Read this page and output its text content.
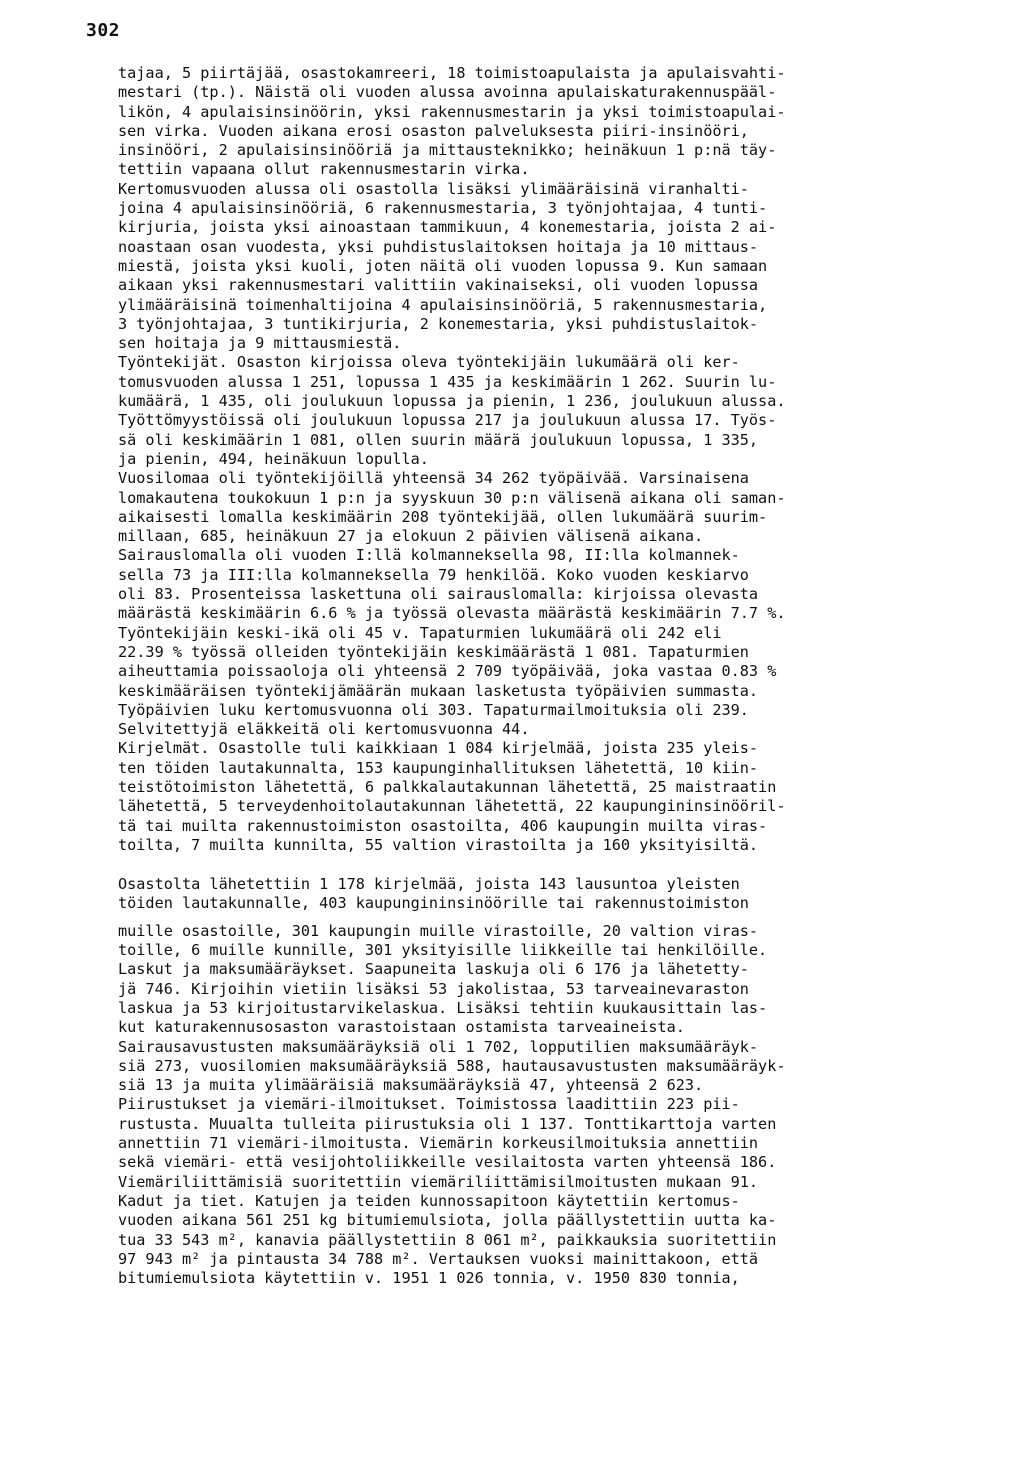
302
tajaa, 5 piirtäjää, osastokamreeri, 18 toimistoapulaista ja apulaisvahti-
mestari (tp.). Näistä oli vuoden alussa avoinna apulaiskaturakennuspääl-
likön, 4 apulaisinsinöörin, yksi rakennusmestarin ja yksi toimistoapulai-
sen virka. Vuoden aikana erosi osaston palveluksesta piiri-insinööri,
insinööri, 2 apulaisinsinööriä ja mittausteknikko; heinäkuun 1 p:nä täy-
tettiin vapaana ollut rakennusmestarin virka.
Kertomusvuoden alussa oli osastolla lisäksi ylimääräisinä viranhalti-
joina 4 apulaisinsinööriä, 6 rakennusmestaria, 3 työnjohtajaa, 4 tunti-
kirjuria, joista yksi ainoastaan tammikuun, 4 konemestaria, joista 2 ai-
noastaan osan vuodesta, yksi puhdistuslaitoksen hoitaja ja 10 mittaus-
miestä, joista yksi kuoli, joten näitä oli vuoden lopussa 9. Kun samaan
aikaan yksi rakennusmestari valittiin vakinaiseksi, oli vuoden lopussa
ylimääräisinä toimenhaltijoina 4 apulaisinsinööriä, 5 rakennusmestaria,
3 työnjohtajaa, 3 tuntikirjuria, 2 konemestaria, yksi puhdistuslaitok-
sen hoitaja ja 9 mittausmiestä.
Työntekijät. Osaston kirjoissa oleva työntekijäin lukumäärä oli ker-
tomusvuoden alussa 1 251, lopussa 1 435 ja keskimäärin 1 262. Suurin lu-
kumäärä, 1 435, oli joulukuun lopussa ja pienin, 1 236, joulukuun alussa.
Työttömyystöissä oli joulukuun lopussa 217 ja joulukuun alussa 17. Työs-
sä oli keskimäärin 1 081, ollen suurin määrä joulukuun lopussa, 1 335,
ja pienin, 494, heinäkuun lopulla.
Vuosilomaa oli työntekijöillä yhteensä 34 262 työpäivää. Varsinaisena
lomakautena toukokuun 1 p:n ja syyskuun 30 p:n välisenä aikana oli saman-
aikaisesti lomalla keskimäärin 208 työntekijää, ollen lukumäärä suurim-
millaan, 685, heinäkuun 27 ja elokuun 2 päivien välisenä aikana.
Sairauslomalla oli vuoden I:llä kolmanneksella 98, II:lla kolmannek-
sella 73 ja III:lla kolmanneksella 79 henkilöä. Koko vuoden keskiarvo
oli 83. Prosenteissa laskettuna oli sairauslomalla: kirjoissa olevasta
määrästä keskimäärin 6.6 % ja työssä olevasta määrästä keskimäärin 7.7 %.
Työntekijäin keski-ikä oli 45 v. Tapaturmien lukumäärä oli 242 eli
22.39 % työssä olleiden työntekijäin keskimäärästä 1 081. Tapaturmien
aiheuttamia poissaoloja oli yhteensä 2 709 työpäivää, joka vastaa 0.83 %
keskimääräisen työntekijämäärän mukaan lasketusta työpäivien summasta.
Työpäivien luku kertomusvuonna oli 303. Tapaturmailmoituksia oli 239.
Selvitettyjä eläkkeitä oli kertomusvuonna 44.
Kirjelmät. Osastolle tuli kaikkiaan 1 084 kirjelmää, joista 235 yleis-
ten töiden lautakunnalta, 153 kaupunginhallituksen lähetettä, 10 kiin-
teistötoimiston lähetettä, 6 palkkalautakunnan lähetettä, 25 maistraatin
lähetettä, 5 terveydenhoitolautakunnan lähetettä, 22 kaupungininsinööril-
tä tai muilta rakennustoimiston osastoilta, 406 kaupungin muilta viras-
toilta, 7 muilta kunnilta, 55 valtion virastoilta ja 160 yksityisiltä.
Osastolta lähetettiin 1 178 kirjelmää, joista 143 lausuntoa yleisten
töiden lautakunnalle, 403 kaupungininsinöörille tai rakennustoimiston
muille osastoille, 301 kaupungin muille virastoille, 20 valtion viras-
toille, 6 muille kunnille, 301 yksityisille liikkeille tai henkilöille.
Laskut ja maksumääräykset. Saapuneita laskuja oli 6 176 ja lähetetty-
jä 746. Kirjoihin vietiin lisäksi 53 jakolistaa, 53 tarveainevaraston
laskua ja 53 kirjoitustarvikelaskua. Lisäksi tehtiin kuukausittain las-
kut katurakennusosaston varastoistaan ostamista tarveaineista.
Sairausavustusten maksumääräyksiä oli 1 702, lopputilien maksumääräyk-
siä 273, vuosilomien maksumääräyksiä 588, hautausavustusten maksumääräyk-
siä 13 ja muita ylimääräisiä maksumääräyksiä 47, yhteensä 2 623.
Piirustukset ja viemäri-ilmoitukset. Toimistossa laadittiin 223 pii-
rustusta. Muualta tulleita piirustuksia oli 1 137. Tonttikarttoja varten
annettiin 71 viemäri-ilmoitusta. Viemärin korkeusilmoituksia annettiin
sekä viemäri- että vesijohtoliikkeille vesilaitosta varten yhteensä 186.
Viemäriliittämisiä suoritettiin viemäriliittämisilmoitusten mukaan 91.
Kadut ja tiet. Katujen ja teiden kunnossapitoon käytettiin kertomus-
vuoden aikana 561 251 kg bitumiemulsiota, jolla päällystettiin uutta ka-
tua 33 543 m², kanavia päällystettiin 8 061 m², paikkauksia suoritettiin
97 943 m² ja pintausta 34 788 m². Vertauksen vuoksi mainittakoon, että
bitumiemulsiota käytettiin v. 1951 1 026 tonnia, v. 1950 830 tonnia,
